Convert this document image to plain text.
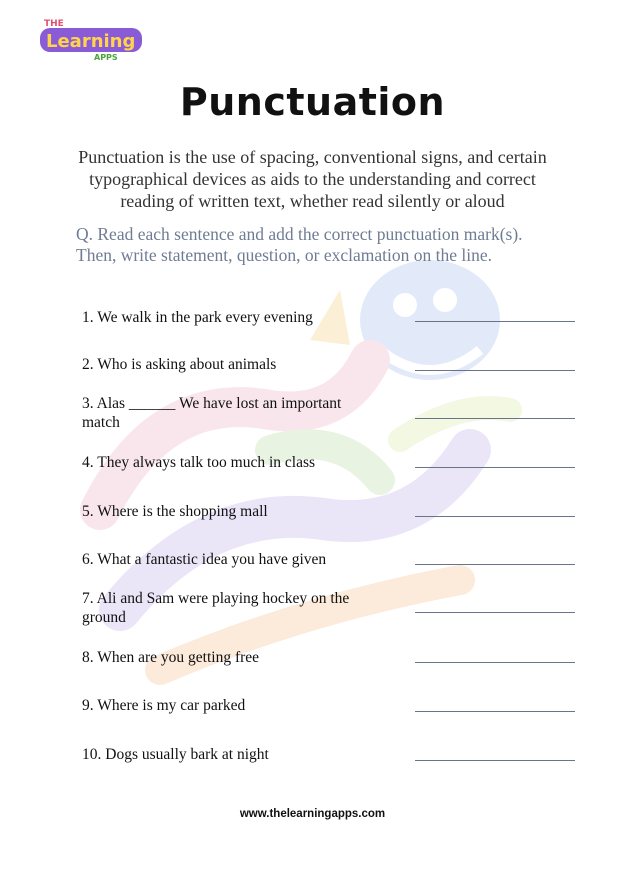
THE
Learning
APPS
Punctuation
Punctuation is the use of spacing, conventional signs, and certain typographical devices as aids to the understanding and correct reading of written text, whether read silently or aloud
Q. Read each sentence and add the correct punctuation mark(s). Then, write statement, question, or exclamation on the line.
1. We walk in the park every evening
2. Who is asking about animals
3. Alas ______ We have lost an important match
4. They always talk too much in class
5. Where is the shopping mall
6. What a fantastic idea you have given
7. Ali and Sam were playing hockey on the ground
8. When are you getting free
9. Where is my car parked
10. Dogs usually bark at night
www.thelearningapps.com
